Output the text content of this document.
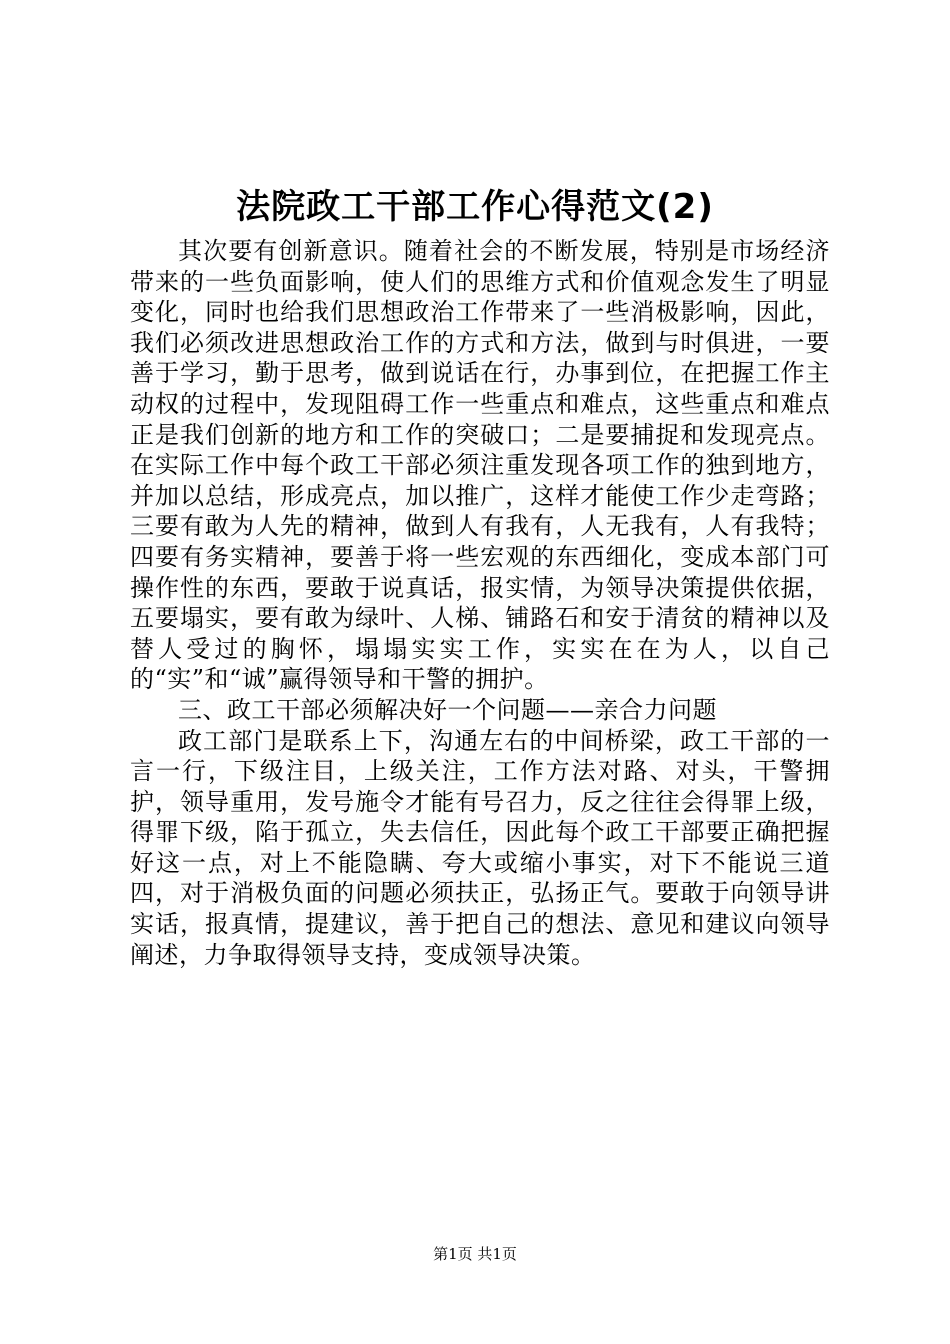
法院政工干部工作心得范文(2)

其次要有创新意识。随着社会的不断发展，特别是市场经济带来的一些负面影响，使人们的思维方式和价值观念发生了明显变化，同时也给我们思想政治工作带来了一些消极影响，因此，我们必须改进思想政治工作的方式和方法，做到与时俱进，一要善于学习，勤于思考，做到说话在行，办事到位，在把握工作主动权的过程中，发现阻碍工作一些重点和难点，这些重点和难点正是我们创新的地方和工作的突破口；二是要捕捉和发现亮点。在实际工作中每个政工干部必须注重发现各项工作的独到地方，并加以总结，形成亮点，加以推广，这样才能使工作少走弯路；三要有敢为人先的精神，做到人有我有，人无我有，人有我特；四要有务实精神，要善于将一些宏观的东西细化，变成本部门可操作性的东西，要敢于说真话，报实情，为领导决策提供依据，五要塌实，要有敢为绿叶、人梯、铺路石和安于清贫的精神以及替人受过的胸怀，塌塌实实工作，实实在在为人，以自己的“实”和“诚”赢得领导和干警的拥护。

三、政工干部必须解决好一个问题——亲合力问题

政工部门是联系上下，沟通左右的中间桥梁，政工干部的一言一行，下级注目，上级关注，工作方法对路、对头，干警拥护，领导重用，发号施令才能有号召力，反之往往会得罪上级，得罪下级，陷于孤立，失去信任，因此每个政工干部要正确把握好这一点，对上不能隐瞒、夸大或缩小事实，对下不能说三道四，对于消极负面的问题必须扶正，弘扬正气。要敢于向领导讲实话，报真情，提建议，善于把自己的想法、意见和建议向领导阐述，力争取得领导支持，变成领导决策。

第1页 共1页
